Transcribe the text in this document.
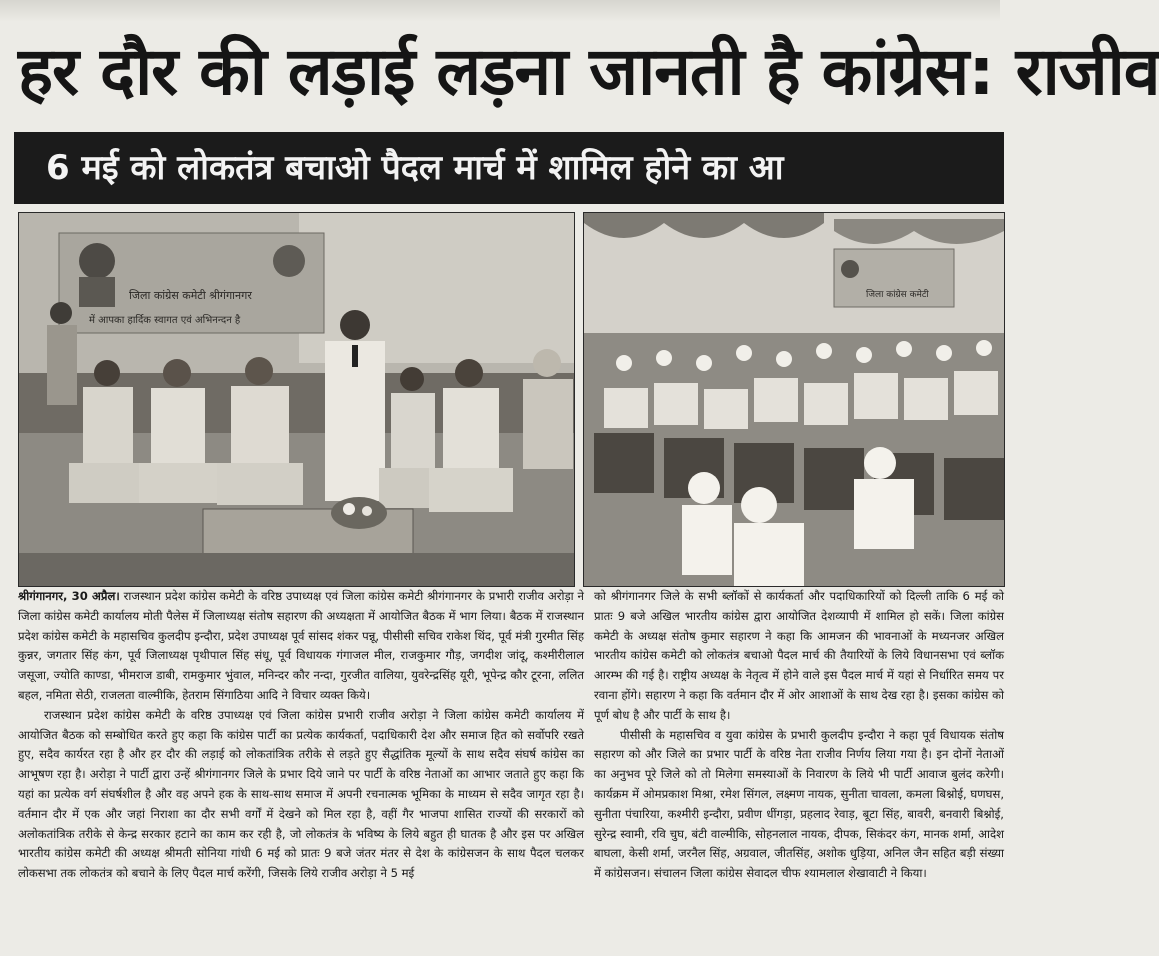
हर दौर की लड़ाई लड़ना जानती है कांग्रेस: राजीव
6 मई को लोकतंत्र बचाओ पैदल मार्च में शामिल होने का आ
जिला कांग्रेस कमेटी श्रीगंगानगर
में आपका हार्दिक स्वागत एवं अभिनन्दन है
जिला कांग्रेस कमेटी

श्रीगंगानगर, 30 अप्रैल। राजस्थान प्रदेश कांग्रेस कमेटी के वरिष्ठ उपाध्यक्ष एवं जिला कांग्रेस कमेटी श्रीगंगानगर के प्रभारी राजीव अरोड़ा ने जिला कांग्रेस कमेटी कार्यालय मोती पैलेस में जिलाध्यक्ष संतोष सहारण की अध्यक्षता में आयोजित बैठक में भाग लिया। बैठक में राजस्थान प्रदेश कांग्रेस कमेटी के महासचिव कुलदीप इन्दौरा, प्रदेश उपाध्यक्ष पूर्व सांसद शंकर पन्नू, पीसीसी सचिव राकेश थिंद, पूर्व मंत्री गुरमीत सिंह कुन्नर, जगतार सिंह कंग, पूर्व जिलाध्यक्ष पृथीपाल सिंह संधू, पूर्व विधायक गंगाजल मील, राजकुमार गौड़, जगदीश जांदू, कश्मीरीलाल जसूजा, ज्योति काण्डा, भीमराज डाबी, रामकुमार भुंवाल, मनिन्दर कौर नन्दा, गुरजीत वालिया, युवरेन्द्रसिंह यूरी, भूपेन्द्र कौर टूरना, ललित बहल, नमिता सेठी, राजलता वाल्मीकि, हेतराम सिंगाठिया आदि ने विचार व्यक्त किये।

राजस्थान प्रदेश कांग्रेस कमेटी के वरिष्ठ उपाध्यक्ष एवं जिला कांग्रेस प्रभारी राजीव अरोड़ा ने जिला कांग्रेस कमेटी कार्यालय में आयोजित बैठक को सम्बोधित करते हुए कहा कि कांग्रेस पार्टी का प्रत्येक कार्यकर्ता, पदाधिकारी देश और समाज हित को सर्वोपरि रखते हुए, सदैव कार्यरत रहा है और हर दौर की लड़ाई को लोकतांत्रिक तरीके से लड़ते हुए सैद्धांतिक मूल्यों के साथ सदैव संघर्ष कांग्रेस का आभूषण रहा है। अरोड़ा ने पार्टी द्वारा उन्हें श्रीगंगानगर जिले के प्रभार दिये जाने पर पार्टी के वरिष्ठ नेताओं का आभार जताते हुए कहा कि यहां का प्रत्येक वर्ग संघर्षशील है और वह अपने हक के साथ-साथ समाज में अपनी रचनात्मक भूमिका के माध्यम से सदैव जागृत रहा है। वर्तमान दौर में एक और जहां निराशा का दौर सभी वर्गों में देखने को मिल रहा है, वहीं गैर भाजपा शासित राज्यों की सरकारों को अलोकतांत्रिक तरीके से केन्द्र सरकार हटाने का काम कर रही है, जो लोकतंत्र के भविष्य के लिये बहुत ही घातक है और इस पर अखिल भारतीय कांग्रेस कमेटी की अध्यक्ष श्रीमती सोनिया गांधी 6 मई को प्रातः 9 बजे जंतर मंतर से देश के कांग्रेसजन के साथ पैदल चलकर लोकसभा तक लोकतंत्र को बचाने के लिए पैदल मार्च करेंगी, जिसके लिये राजीव अरोड़ा ने 5 मई

को श्रीगंगानगर जिले के सभी ब्लॉकों से कार्यकर्ता और पदाधिकारियों को दिल्ली ताकि 6 मई को प्रातः 9 बजे अखिल भारतीय कांग्रेस द्वारा आयोजित देशव्यापी में शामिल हो सकें। जिला कांग्रेस कमेटी के अध्यक्ष संतोष कुमार सहारण ने कहा कि आमजन की भावनाओं के मध्यनजर अखिल भारतीय कांग्रेस कमेटी को लोकतंत्र बचाओ पैदल मार्च की तैयारियों के लिये विधानसभा एवं ब्लॉक आरम्भ की गई है। राष्ट्रीय अध्यक्ष के नेतृत्व में होने वाले इस पैदल मार्च में यहां से निर्धारित समय पर रवाना होंगे। सहारण ने कहा कि वर्तमान दौर में ओर आशाओं के साथ देख रहा है। इसका कांग्रेस को पूर्ण बोध है और पार्टी के साथ है।

पीसीसी के महासचिव व युवा कांग्रेस के प्रभारी कुलदीप इन्दौरा ने कहा पूर्व विधायक संतोष सहारण को और जिले का प्रभार पार्टी के वरिष्ठ नेता राजीव निर्णय लिया गया है। इन दोनों नेताओं का अनुभव पूरे जिले को तो मिलेगा समस्याओं के निवारण के लिये भी पार्टी आवाज बुलंद करेगी। कार्यक्रम में ओमप्रकाश मिश्रा, रमेश सिंगल, लक्ष्मण नायक, सुनीता चावला, कमला बिश्नोई, घणघस, सुनीता पंचारिया, कश्मीरी इन्दौरा, प्रवीण धींगड़ा, प्रहलाद रेवाड़, बूटा सिंह, बावरी, बनवारी बिश्नोई, सुरेन्द्र स्वामी, रवि चुघ, बंटी वाल्मीकि, सोहनलाल नायक, दीपक, सिकंदर कंग, मानक शर्मा, आदेश बाघला, केसी शर्मा, जरनैल सिंह, अग्रवाल, जीतसिंह, अशोक धुड़िया, अनिल जैन सहित बड़ी संख्या में कांग्रेसजन। संचालन जिला कांग्रेस सेवादल चीफ श्यामलाल शेखावाटी ने किया।
